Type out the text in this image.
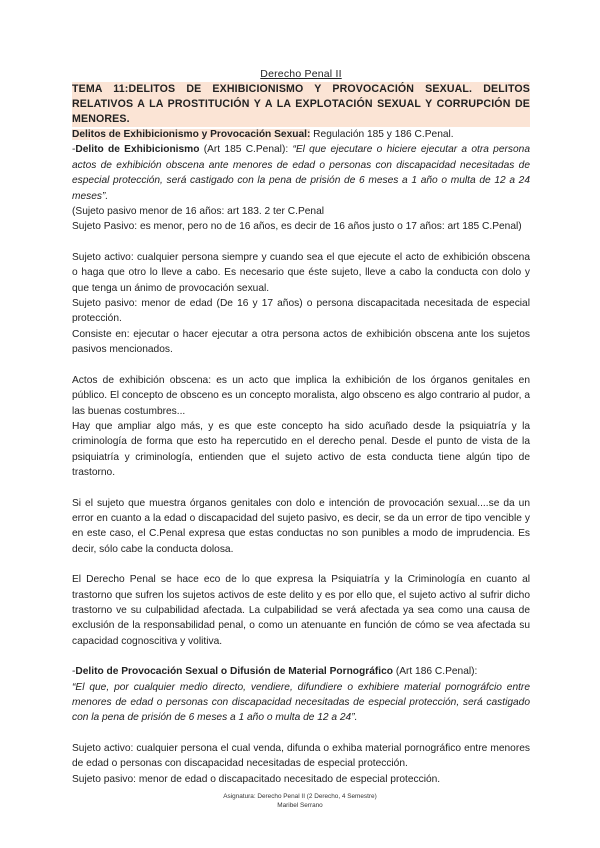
Derecho Penal II
TEMA 11:DELITOS DE EXHIBICIONISMO Y PROVOCACIÓN SEXUAL. DELITOS RELATIVOS A LA PROSTITUCIÓN Y A LA EXPLOTACIÓN SEXUAL Y CORRUPCIÓN DE MENORES.

Delitos de Exhibicionismo y Provocación Sexual: Regulación 185 y 186 C.Penal.

-Delito de Exhibicionismo (Art 185 C.Penal): “El que ejecutare o hiciere ejecutar a otra persona actos de exhibición obscena ante menores de edad o personas con discapacidad necesitadas de especial protección, será castigado con la pena de prisión de 6 meses a 1 año o multa de 12 a 24 meses”.

(Sujeto pasivo menor de 16 años: art 183. 2 ter C.Penal

Sujeto Pasivo: es menor, pero no de 16 años, es decir de 16 años justo o 17 años: art 185 C.Penal)

Sujeto activo: cualquier persona siempre y cuando sea el que ejecute el acto de exhibición obscena o haga que otro lo lleve a cabo. Es necesario que éste sujeto, lleve a cabo la conducta con dolo y que tenga un ánimo de provocación sexual.

Sujeto pasivo: menor de edad (De 16 y 17 años) o persona discapacitada necesitada de especial protección.

Consiste en: ejecutar o hacer ejecutar a otra persona actos de exhibición obscena ante los sujetos pasivos mencionados.

Actos de exhibición obscena: es un acto que implica la exhibición de los órganos genitales en público. El concepto de obsceno es un concepto moralista, algo obsceno es algo contrario al pudor, a las buenas costumbres...

Hay que ampliar algo más, y es que este concepto ha sido acuñado desde la psiquiatría y la criminología de forma que esto ha repercutido en el derecho penal. Desde el punto de vista de la psiquiatría y criminología, entienden que el sujeto activo de esta conducta tiene algún tipo de trastorno.

Si el sujeto que muestra órganos genitales con dolo e intención de provocación sexual....se da un error en cuanto a la edad o discapacidad del sujeto pasivo, es decir, se da un error de tipo vencible y en este caso, el C.Penal expresa que estas conductas no son punibles a modo de imprudencia. Es decir, sólo cabe la conducta dolosa.

El Derecho Penal se hace eco de lo que expresa la Psiquiatría y la Criminología en cuanto al trastorno que sufren los sujetos activos de este delito y es por ello que, el sujeto activo al sufrir dicho trastorno ve su culpabilidad afectada. La culpabilidad se verá afectada ya sea como una causa de exclusión de la responsabilidad penal, o como un atenuante en función de cómo se vea afectada su capacidad cognoscitiva y volitiva.

-Delito de Provocación Sexual o Difusión de Material Pornográfico (Art 186 C.Penal):

“El que, por cualquier medio directo, vendiere, difundiere o exhibiere material pornográfcio entre menores de edad o personas con discapacidad necesitadas de especial protección, será castigado con la pena de prisión de 6 meses a 1 año o multa de 12 a 24”.

Sujeto activo: cualquier persona el cual venda, difunda o exhiba material pornográfico entre menores de edad o personas con discapacidad necesitadas de especial protección.

Sujeto pasivo: menor de edad o discapacitado necesitado de especial protección.

Asignatura: Derecho Penal II (2 Derecho, 4 Semestre)
Maribel Serrano
